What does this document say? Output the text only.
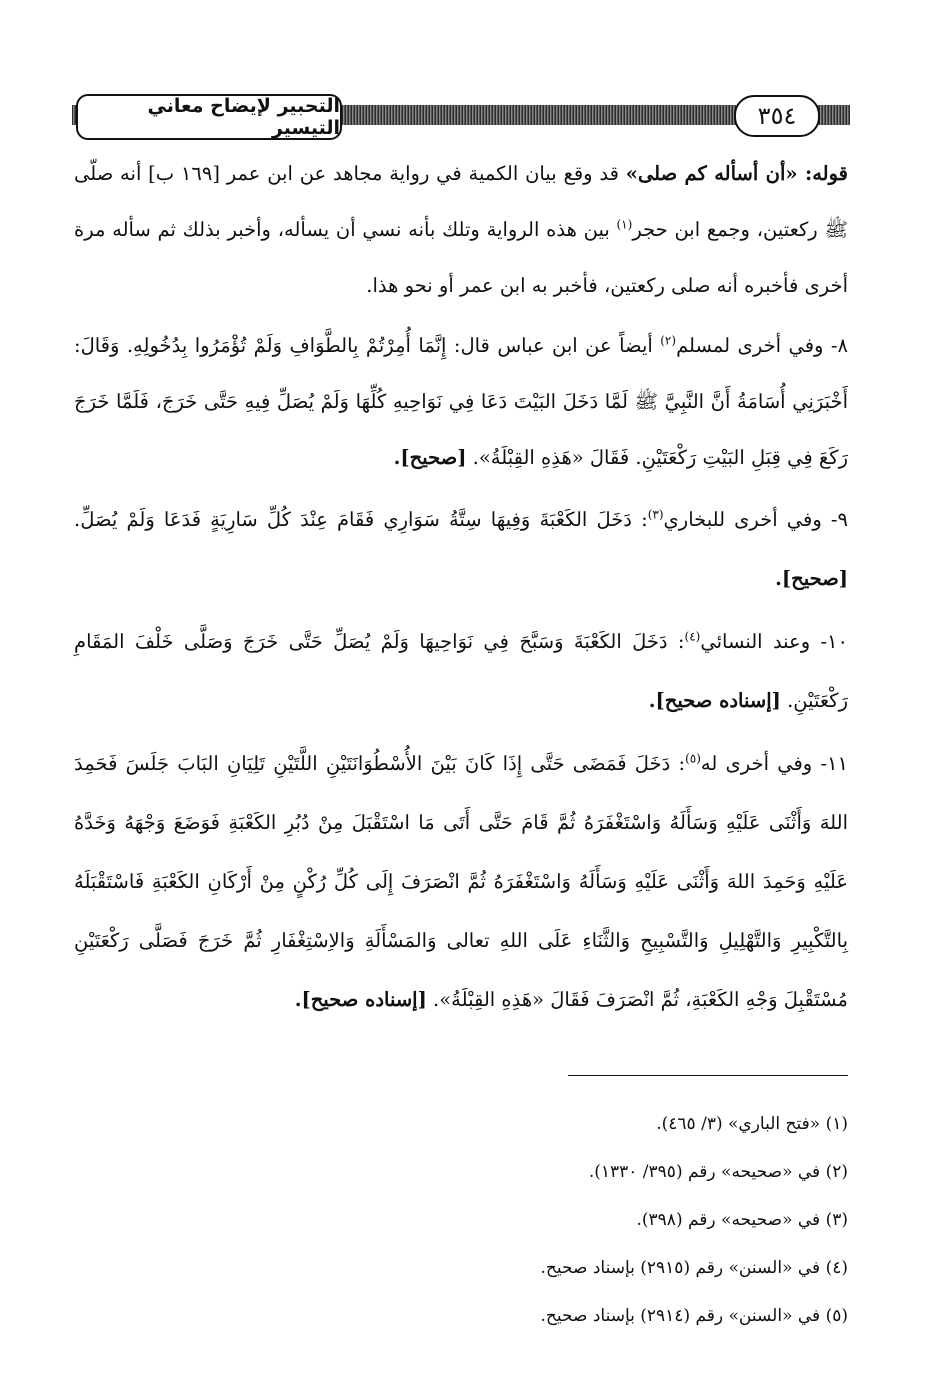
التحبير لإيضاح معاني التيسير	٣٥٤

قوله: «أن أسأله كم صلى» قد وقع بيان الكمية في رواية مجاهد عن ابن عمر [١٦٩ ب] أنه صلّى ﷺ ركعتين، وجمع ابن حجر$^{(١)}$ بين هذه الرواية وتلك بأنه نسي أن يسأله، وأخبر بذلك ثم سأله مرة أخرى فأخبره أنه صلى ركعتين، فأخبر به ابن عمر أو نحو هذا.

٨- وفي أخرى لمسلم$^{(٢)}$ أيضاً عن ابن عباس قال: إِنَّمَا أُمِرْتُمْ بِالطَّوَافِ وَلَمْ تُؤْمَرُوا بِدُخُولِهِ. وَقَالَ: أَخْبَرَنِي أُسَامَةُ أَنَّ النَّبِيَّ ﷺ لَمَّا دَخَلَ البَيْتَ دَعَا فِي نَوَاحِيهِ كُلِّهَا وَلَمْ يُصَلِّ فِيهِ حَتَّى خَرَجَ، فَلَمَّا خَرَجَ رَكَعَ فِي قِبَلِ البَيْتِ رَكْعَتَيْنِ. فَقَالَ «هَذِهِ القِبْلَةُ». [صحيح].

٩- وفي أخرى للبخاري$^{(٣)}$: دَخَلَ الكَعْبَةَ وَفِيهَا سِتَّةُ سَوَارِي فَقَامَ عِنْدَ كُلِّ سَارِيَةٍ فَدَعَا وَلَمْ يُصَلِّ. [صحيح].

١٠- وعند النسائي$^{(٤)}$: دَخَلَ الكَعْبَةَ وَسَبَّحَ فِي نَوَاحِيهَا وَلَمْ يُصَلِّ حَتَّى خَرَجَ وَصَلَّى خَلْفَ المَقَامِ رَكْعَتَيْنِ. [إسناده صحيح].

١١- وفي أخرى له$^{(٥)}$: دَخَلَ فَمَضَى حَتَّى إِذَا كَانَ بَيْنَ الأُسْطُوَانَتَيْنِ اللَّتَيْنِ تَلِيَانِ البَابَ جَلَسَ فَحَمِدَ اللهَ وَأَثْنَى عَلَيْهِ وَسَأَلَهُ وَاسْتَغْفَرَهُ ثُمَّ قَامَ حَتَّى أَتَى مَا اسْتَقْبَلَ مِنْ دُبُرِ الكَعْبَةِ فَوَضَعَ وَجْهَهُ وَخَدَّهُ عَلَيْهِ وَحَمِدَ اللهَ وَأَثْنَى عَلَيْهِ وَسَأَلَهُ وَاسْتَغْفَرَهُ ثُمَّ انْصَرَفَ إِلَى كُلِّ رُكْنٍ مِنْ أَرْكَانِ الكَعْبَةِ فَاسْتَقْبَلَهُ بِالتَّكْبِيرِ وَالتَّهْلِيلِ وَالتَّسْبِيحِ وَالثَّنَاءِ عَلَى اللهِ تعالى وَالمَسْأَلَةِ وَالاِسْتِغْفَارِ ثُمَّ خَرَجَ فَصَلَّى رَكْعَتَيْنِ مُسْتَقْبِلَ وَجْهِ الكَعْبَةِ، ثُمَّ انْصَرَفَ فَقَالَ «هَذِهِ القِبْلَةُ». [إسناده صحيح].

(١) «فتح الباري» (٣/ ٤٦٥).

(٢) في «صحيحه» رقم (٣٩٥/ ١٣٣٠).

(٣) في «صحيحه» رقم (٣٩٨).

(٤) في «السنن» رقم (٢٩١٥) بإسناد صحيح.

(٥) في «السنن» رقم (٢٩١٤) بإسناد صحيح.
